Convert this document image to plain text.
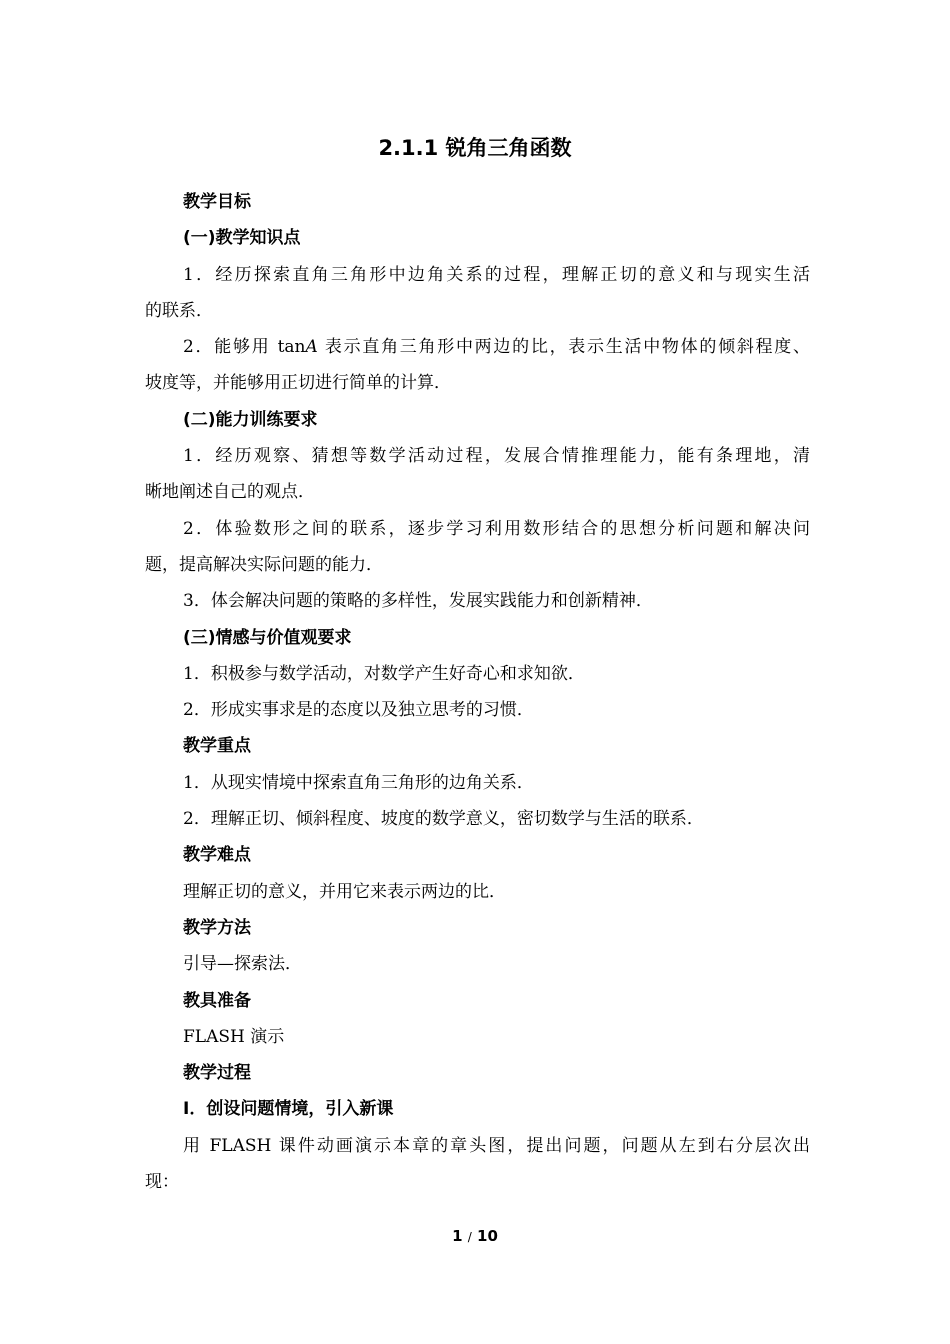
2.1.1 锐角三角函数
教学目标
(一)教学知识点
1．经历探索直角三角形中边角关系的过程，理解正切的意义和与现实生活
的联系．
2．能够用 tanA 表示直角三角形中两边的比，表示生活中物体的倾斜程度、
坡度等，并能够用正切进行简单的计算．
(二)能力训练要求
1．经历观察、猜想等数学活动过程，发展合情推理能力，能有条理地，清
晰地阐述自己的观点．
2．体验数形之间的联系，逐步学习利用数形结合的思想分析问题和解决问
题，提高解决实际问题的能力．
3．体会解决问题的策略的多样性，发展实践能力和创新精神．
(三)情感与价值观要求
1．积极参与数学活动，对数学产生好奇心和求知欲．
2．形成实事求是的态度以及独立思考的习惯．
教学重点
1．从现实情境中探索直角三角形的边角关系．
2．理解正切、倾斜程度、坡度的数学意义，密切数学与生活的联系．
教学难点
理解正切的意义，并用它来表示两边的比．
教学方法
引导—探索法．
教具准备
FLASH 演示
教学过程
Ⅰ．创设问题情境，引入新课
用 FLASH 课件动画演示本章的章头图，提出问题，问题从左到右分层次出
现：
1 / 10
